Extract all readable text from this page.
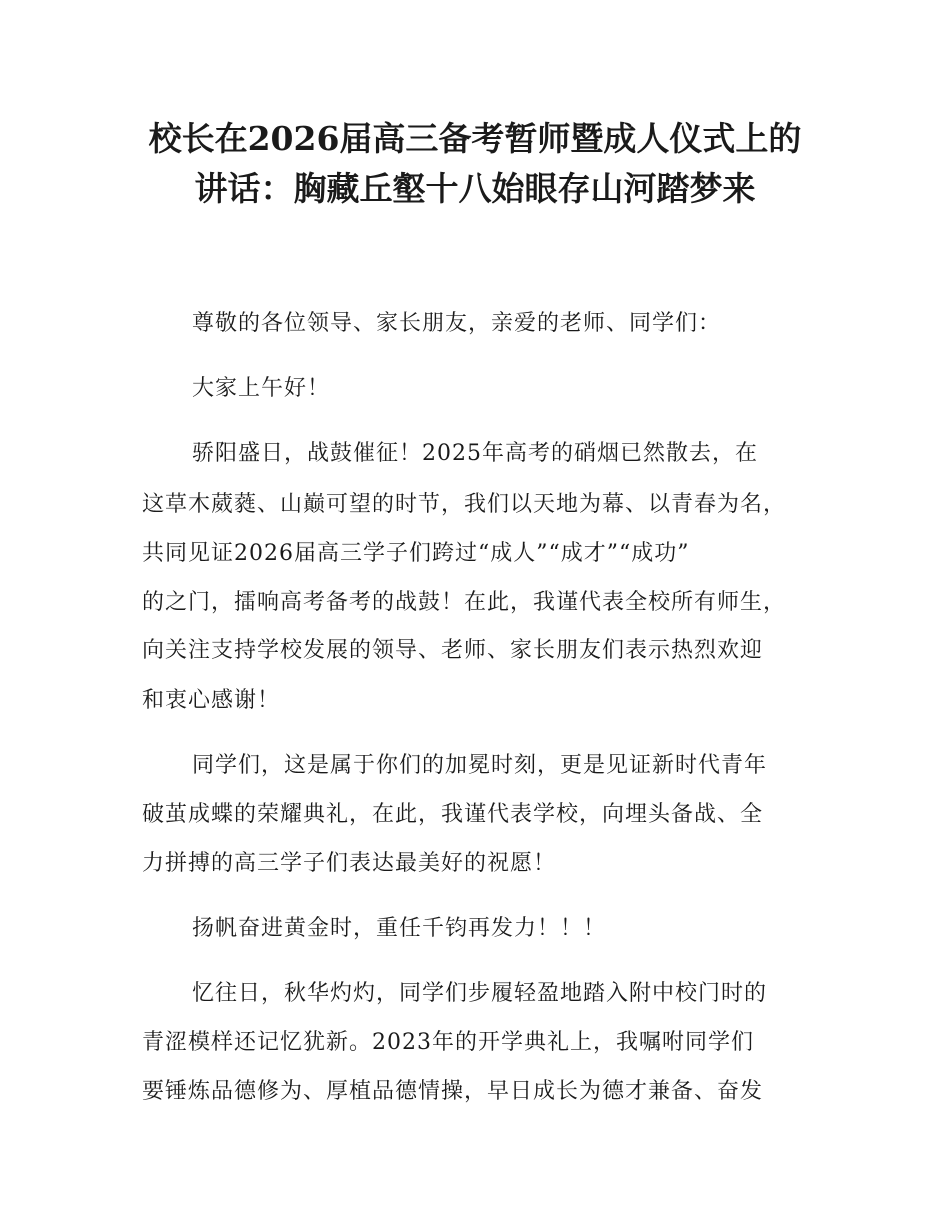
校长在2026届高三备考暂师暨成人仪式上的
讲话：胸藏丘壑十八始眼存山河踏梦来
尊敬的各位领导、家长朋友，亲爱的老师、同学们：
大家上午好！
骄阳盛日，战鼓催征！2025年高考的硝烟已然散去，在
这草木葳蕤、山巅可望的时节，我们以天地为幕、以青春为名，
共同见证2026届高三学子们跨过“成人”“成才”“成功”
的之门，擂响高考备考的战鼓！在此，我谨代表全校所有师生，
向关注支持学校发展的领导、老师、家长朋友们表示热烈欢迎
和衷心感谢！
同学们，这是属于你们的加冕时刻，更是见证新时代青年
破茧成蝶的荣耀典礼，在此，我谨代表学校，向埋头备战、全
力拼搏的高三学子们表达最美好的祝愿！
扬帆奋进黄金时，重任千钧再发力！！！
忆往日，秋华灼灼，同学们步履轻盈地踏入附中校门时的
青涩模样还记忆犹新。2023年的开学典礼上，我嘱咐同学们
要锤炼品德修为、厚植品德情操，早日成长为德才兼备、奋发
